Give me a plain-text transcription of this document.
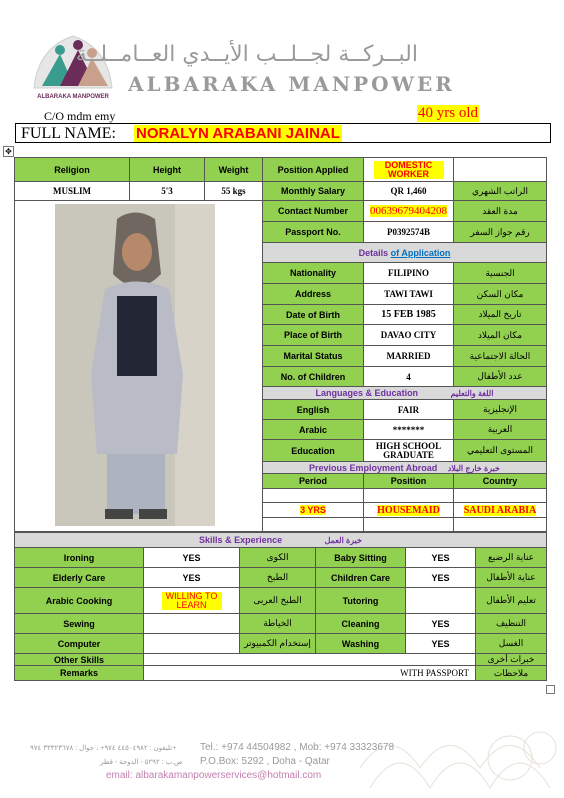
ALBARAKA MANPOWER
البــركــة لجــلــب الأيــدي العــامــلــة
ALBARAKA MANPOWER
C/O mdm emy	40 yrs old
FULL NAME: NORALYN ARABANI JAINAL
✥
Religion	Height	Weight	Position Applied	DOMESTIC WORKER	
MUSLIM	5'3	55 kgs	Monthly Salary	QR 1,460	الراتب الشهري

	Contact Number	00639679404208	مدة العقد
			Passport No.	P0392574B	رقم جواز السفر
			Details of Application		
			Nationality	FILIPINO	الجنسية
			Address	TAWI TAWI	مكان السكن
			Date of Birth	15 FEB 1985	تاريخ الميلاد
			Place of Birth	DAVAO CITY	مكان الميلاد
			Marital Status	MARRIED	الحالة الاجتماعية
			No. of Children	4	عدد الأطفال
			Languages & Education اللغة والتعليم		
			English	FAIR	الإنجليزية
			Arabic	*******	العربية
			Education	HIGH SCHOOL GRADUATE	المستوى التعليمي
			Previous Employment Abroad خبرة خارج البلاد		
			Period	Position	Country

			3 YRS	HOUSEMAID	SAUDI ARABIA

Skills & Experience خبرة العمل					
Ironing	YES	الكوى	Baby Sitting	YES	عناية الرضيع
Elderly Care	YES	الطبخ	Children Care	YES	عناية الأطفال
Arabic Cooking	WILLING TO LEARN	الطبخ العربى	Tutoring		تعليم الأطفال
Sewing		الخياطة	Cleaning	YES	التنظيف
Computer		إستخدام الكمبيوتر	Washing	YES	الغسل
Other Skills					خبرات أخرى
Remarks	WITH PASSPORT				ملاحظات
تليفون : ٤٤٥٠٤٩٨٢ ٩٧٤+ ، جوال : ٣٣٣٢٣٦٧٨ ٩٧٤+ Tel.: +974 44504982 , Mob: +974 33323678
ص.ب : ٥٢٩٢ - الدوحة - قطر P.O.Box: 5292 , Doha - Qatar
email: albarakamanpowerservices@hotmail.com
